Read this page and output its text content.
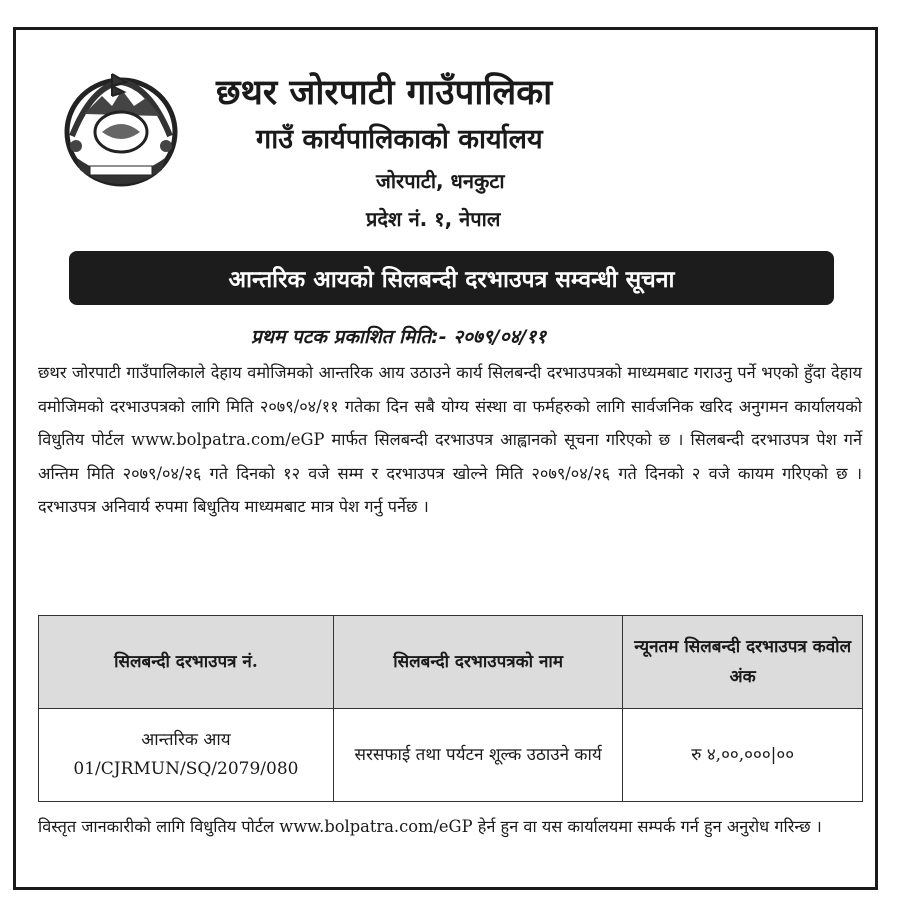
छथर जोरपाटी गाउँपालिका
गाउँ कार्यपालिकाको कार्यालय
जोरपाटी, धनकुटा
प्रदेश नं. १, नेपाल
आन्तरिक आयको सिलबन्दी दरभाउपत्र सम्वन्धी सूचना
प्रथम पटक प्रकाशित मिति:- २०७९/०४/११
छथर जोरपाटी गाउँपालिकाले देहाय वमोजिमको आन्तरिक आय उठाउने कार्य सिलबन्दी दरभाउपत्रको माध्यमबाट गराउनु पर्ने भएको हुँदा देहाय वमोजिमको दरभाउपत्रको लागि मिति २०७९/०४/११ गतेका दिन सबै योग्य संस्था वा फर्महरुको लागि सार्वजनिक खरिद अनुगमन कार्यालयको विधुतिय पोर्टल www.bolpatra.com/eGP मार्फत सिलबन्दी दरभाउपत्र आह्वानको सूचना गरिएको छ । सिलबन्दी दरभाउपत्र पेश गर्ने अन्तिम मिति २०७९/०४/२६ गते दिनको १२ वजे सम्म र दरभाउपत्र खोल्ने मिति २०७९/०४/२६ गते दिनको २ वजे कायम गरिएको छ । दरभाउपत्र अनिवार्य रुपमा बिधुतिय माध्यमबाट मात्र पेश गर्नु पर्नेछ ।
सिलबन्दी दरभाउपत्र नं.	सिलबन्दी दरभाउपत्रको नाम	न्यूनतम सिलबन्दी दरभाउपत्र कवोल अंक

आन्तरिक आय
01/CJRMUN/SQ/2079/080	सरसफाई तथा पर्यटन शूल्क उठाउने कार्य	रु ४,००,०००|००
विस्तृत जानकारीको लागि विधुतिय पोर्टल www.bolpatra.com/eGP हेर्न हुन वा यस कार्यालयमा सम्पर्क गर्न हुन अनुरोध गरिन्छ ।
